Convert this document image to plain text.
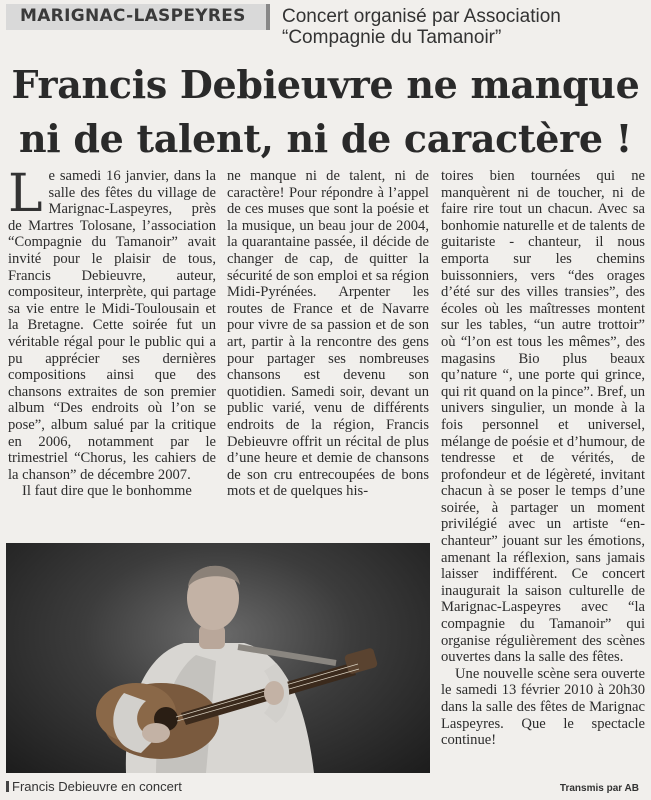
MARIGNAC-LASPEYRES Concert organisé par Association
“Compagnie du Tamanoir”
Francis Debieuvre ne manque
ni de talent, ni de caractère !

Le samedi 16 janvier, dans la salle des fêtes du village de Marignac-Laspeyres, près de Martres Tolosane, l’association “Compagnie du Tamanoir” avait invité pour le plaisir de tous, Francis Debieuvre, auteur, compositeur, interprète, qui partage sa vie entre le Midi-Toulousain et la Bretagne. Cette soirée fut un véritable régal pour le public qui a pu apprécier ses dernières compositions ainsi que des chansons extraites de son premier album “Des endroits où l’on se pose”, album salué par la critique en 2006, notamment par le trimestriel “Chorus, les cahiers de la chanson” de décembre 2007.

Il faut dire que le bonhomme

ne manque ni de talent, ni de caractère! Pour répondre à l’appel de ces muses que sont la poésie et la musique, un beau jour de 2004, la quarantaine passée, il décide de changer de cap, de quitter la sécurité de son emploi et sa région Midi-Pyrénées. Arpenter les routes de France et de Navarre pour vivre de sa passion et de son art, partir à la rencontre des gens pour partager ses nombreuses chansons est devenu son quotidien. Samedi soir, devant un public varié, venu de différents endroits de la région, Francis Debieuvre offrit un récital de plus d’une heure et demie de chansons de son cru entrecoupées de bons mots et de quelques his-

toires bien tournées qui ne manquèrent ni de toucher, ni de faire rire tout un chacun. Avec sa bonhomie naturelle et de talents de guitariste - chanteur, il nous emporta sur les chemins buissonniers, vers “des orages d’été sur des villes transies”, des écoles où les maîtresses montent sur les tables, “un autre trottoir” où “l’on est tous les mêmes”, des magasins Bio plus beaux qu’nature “, une porte qui grince, qui rit quand on la pince”. Bref, un univers singulier, un monde à la fois personnel et universel, mélange de poésie et d’humour, de tendresse et de vérités, de profondeur et de légèreté, invitant chacun à se poser le temps d’une soirée, à partager un moment privilégié avec un artiste “en-chanteur” jouant sur les émotions, amenant la réflexion, sans jamais laisser indifférent. Ce concert inaugurait la saison culturelle de Marignac-Laspeyres avec “la compagnie du Tamanoir” qui organise régulièrement des scènes ouvertes dans la salle des fêtes.

Une nouvelle scène sera ouverte le samedi 13 février 2010 à 20h30 dans la salle des fêtes de Marignac Laspeyres. Que le spectacle continue!

Francis Debieuvre en concert	Transmis par AB
